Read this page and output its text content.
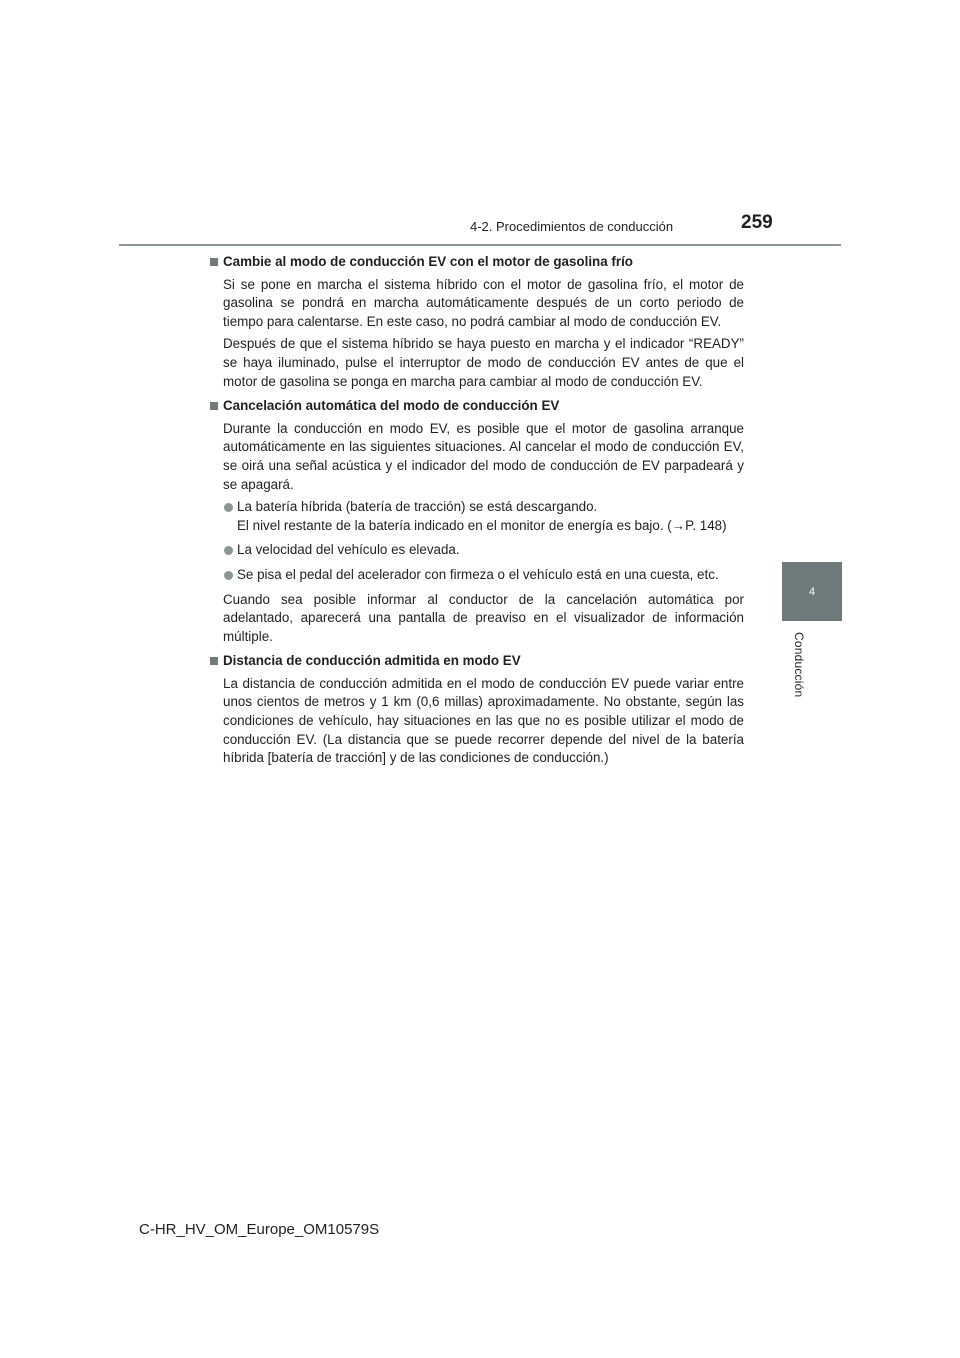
4-2. Procedimientos de conducción	259
4
Conducción
Cambie al modo de conducción EV con el motor de gasolina frío
Si se pone en marcha el sistema híbrido con el motor de gasolina frío, el motor de gasolina se pondrá en marcha automáticamente después de un corto periodo de tiempo para calentarse. En este caso, no podrá cambiar al modo de conducción EV.
Después de que el sistema híbrido se haya puesto en marcha y el indicador “READY” se haya iluminado, pulse el interruptor de modo de conducción EV antes de que el motor de gasolina se ponga en marcha para cambiar al modo de conducción EV.
Cancelación automática del modo de conducción EV
Durante la conducción en modo EV, es posible que el motor de gasolina arranque automáticamente en las siguientes situaciones. Al cancelar el modo de conducción EV, se oirá una señal acústica y el indicador del modo de conducción de EV parpadeará y se apagará.
La batería híbrida (batería de tracción) se está descargando.
El nivel restante de la batería indicado en el monitor de energía es bajo. (→P. 148)
La velocidad del vehículo es elevada.
Se pisa el pedal del acelerador con firmeza o el vehículo está en una cuesta, etc.
Cuando sea posible informar al conductor de la cancelación automática por adelantado, aparecerá una pantalla de preaviso en el visualizador de información múltiple.
Distancia de conducción admitida en modo EV
La distancia de conducción admitida en el modo de conducción EV puede variar entre unos cientos de metros y 1 km (0,6 millas) aproximadamente. No obstante, según las condiciones de vehículo, hay situaciones en las que no es posible utilizar el modo de conducción EV. (La distancia que se puede recorrer depende del nivel de la batería híbrida [batería de tracción] y de las condiciones de conducción.)
C-HR_HV_OM_Europe_OM10579S
